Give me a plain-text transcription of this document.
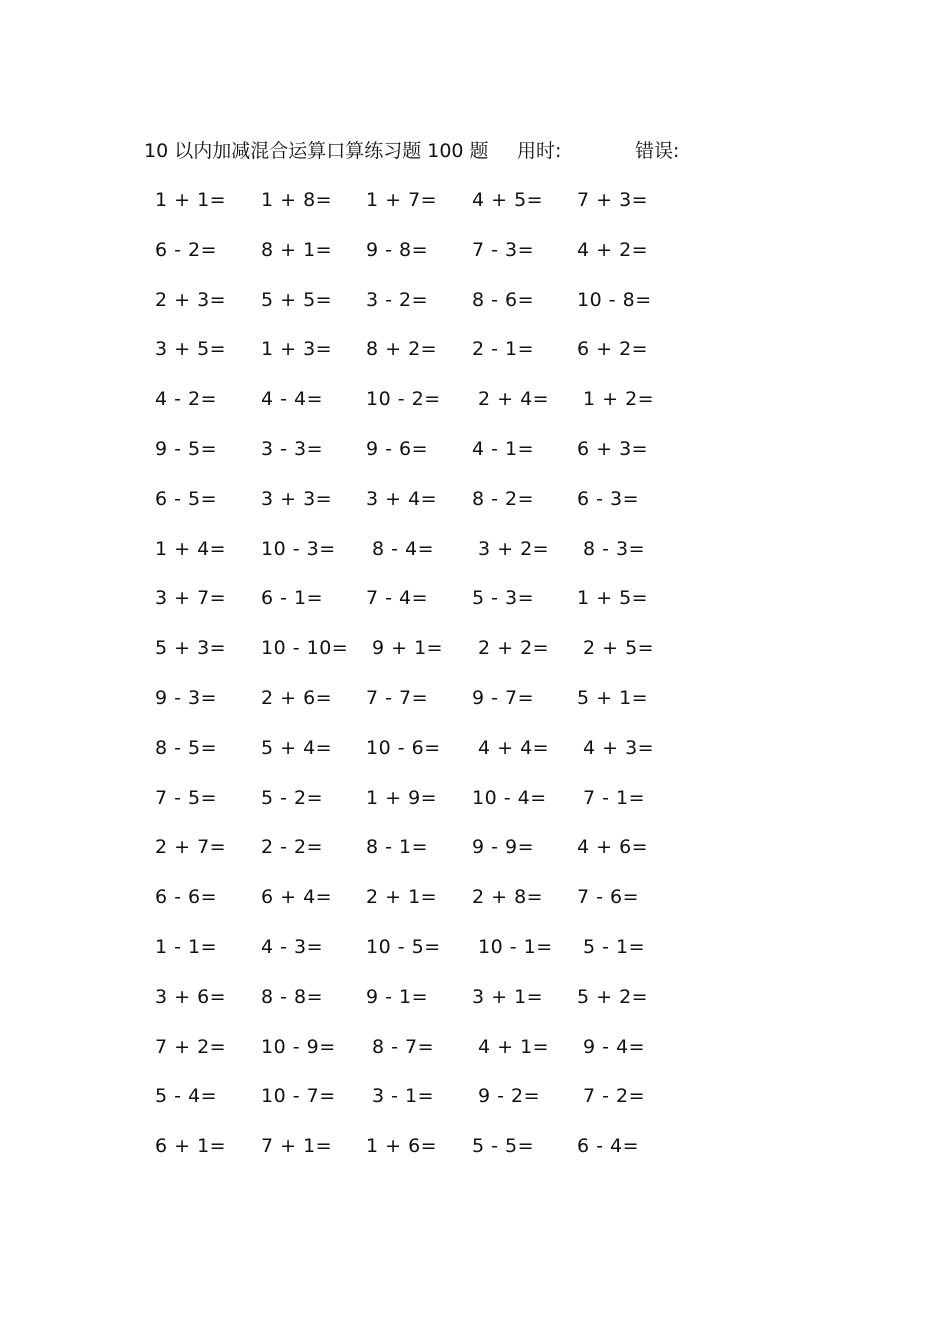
10 以内加减混合运算口算练习题 100 题 用时:	错误:
1 + 1= 1 + 8= 1 + 7= 4 + 5= 7 + 3=
6 - 2= 8 + 1= 9 - 8= 7 - 3= 4 + 2=
2 + 3= 5 + 5= 3 - 2= 8 - 6= 10 - 8=
3 + 5= 1 + 3= 8 + 2= 2 - 1= 6 + 2=
4 - 2= 4 - 4= 10 - 2= 2 + 4= 1 + 2=
9 - 5= 3 - 3= 9 - 6= 4 - 1= 6 + 3=
6 - 5= 3 + 3= 3 + 4= 8 - 2= 6 - 3=
1 + 4= 10 - 3= 8 - 4= 3 + 2= 8 - 3=
3 + 7= 6 - 1= 7 - 4= 5 - 3= 1 + 5=
5 + 3= 10 - 10= 9 + 1= 2 + 2= 2 + 5=
9 - 3= 2 + 6= 7 - 7= 9 - 7= 5 + 1=
8 - 5= 5 + 4= 10 - 6= 4 + 4= 4 + 3=
7 - 5= 5 - 2= 1 + 9= 10 - 4= 7 - 1=
2 + 7= 2 - 2= 8 - 1= 9 - 9= 4 + 6=
6 - 6= 6 + 4= 2 + 1= 2 + 8= 7 - 6=
1 - 1= 4 - 3= 10 - 5= 10 - 1= 5 - 1=
3 + 6= 8 - 8= 9 - 1= 3 + 1= 5 + 2=
7 + 2= 10 - 9= 8 - 7= 4 + 1= 9 - 4=
5 - 4= 10 - 7= 3 - 1= 9 - 2= 7 - 2=
6 + 1= 7 + 1= 1 + 6= 5 - 5= 6 - 4=
